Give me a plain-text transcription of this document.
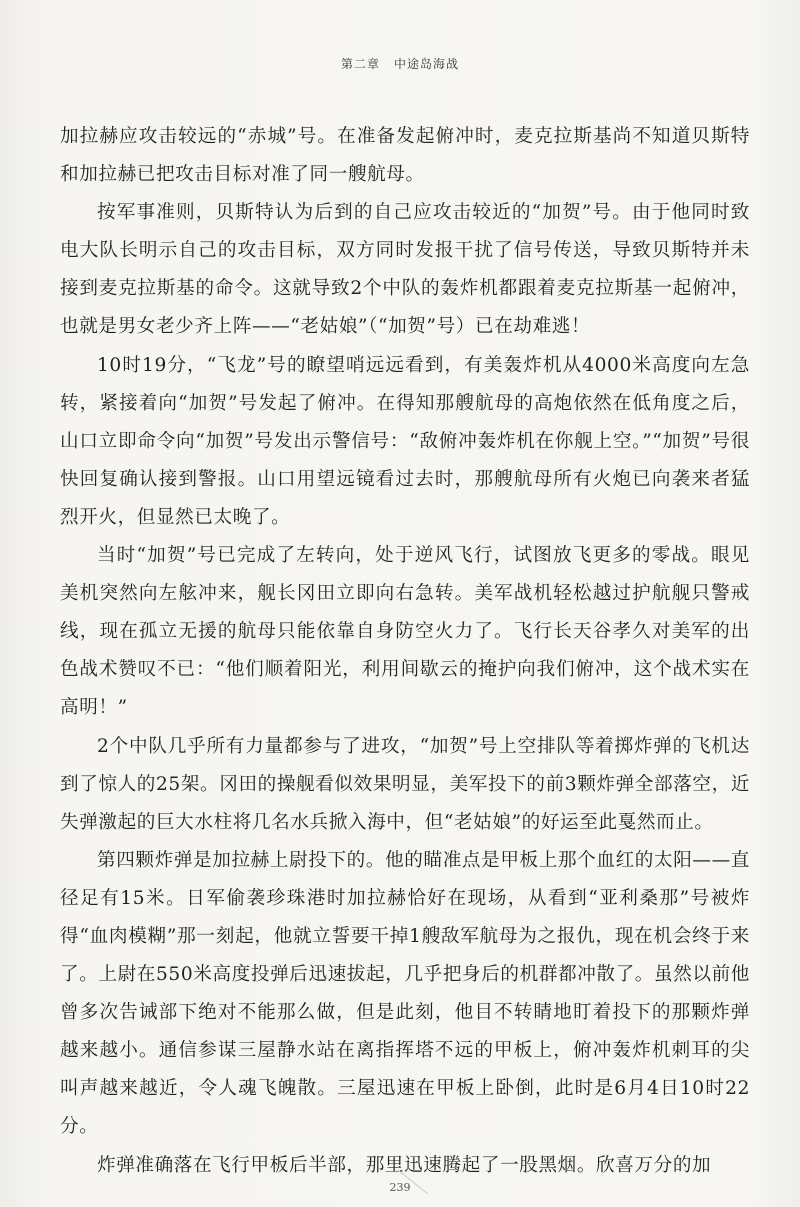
第二章 中途岛海战

加拉赫应攻击较远的“赤城”号。在准备发起俯冲时，麦克拉斯基尚不知道贝斯特和加拉赫已把攻击目标对准了同一艘航母。

按军事准则，贝斯特认为后到的自己应攻击较近的“加贺”号。由于他同时致电大队长明示自己的攻击目标，双方同时发报干扰了信号传送，导致贝斯特并未接到麦克拉斯基的命令。这就导致2个中队的轰炸机都跟着麦克拉斯基一起俯冲，也就是男女老少齐上阵——“老姑娘”（“加贺”号）已在劫难逃！

10时19分，“飞龙”号的瞭望哨远远看到，有美轰炸机从4000米高度向左急转，紧接着向“加贺”号发起了俯冲。在得知那艘航母的高炮依然在低角度之后，山口立即命令向“加贺”号发出示警信号：“敌俯冲轰炸机在你舰上空。”“加贺”号很快回复确认接到警报。山口用望远镜看过去时，那艘航母所有火炮已向袭来者猛烈开火，但显然已太晚了。

当时“加贺”号已完成了左转向，处于逆风飞行，试图放飞更多的零战。眼见美机突然向左舷冲来，舰长冈田立即向右急转。美军战机轻松越过护航舰只警戒线，现在孤立无援的航母只能依靠自身防空火力了。飞行长天谷孝久对美军的出色战术赞叹不已：“他们顺着阳光，利用间歇云的掩护向我们俯冲，这个战术实在高明！”

2个中队几乎所有力量都参与了进攻，“加贺”号上空排队等着掷炸弹的飞机达到了惊人的25架。冈田的操舰看似效果明显，美军投下的前3颗炸弹全部落空，近失弹激起的巨大水柱将几名水兵掀入海中，但“老姑娘”的好运至此戛然而止。

第四颗炸弹是加拉赫上尉投下的。他的瞄准点是甲板上那个血红的太阳——直径足有15米。日军偷袭珍珠港时加拉赫恰好在现场，从看到“亚利桑那”号被炸得“血肉模糊”那一刻起，他就立誓要干掉1艘敌军航母为之报仇，现在机会终于来了。上尉在550米高度投弹后迅速拔起，几乎把身后的机群都冲散了。虽然以前他曾多次告诫部下绝对不能那么做，但是此刻，他目不转睛地盯着投下的那颗炸弹越来越小。通信参谋三屋静水站在离指挥塔不远的甲板上，俯冲轰炸机刺耳的尖叫声越来越近，令人魂飞魄散。三屋迅速在甲板上卧倒，此时是6月4日10时22分。

炸弹准确落在飞行甲板后半部，那里迅速腾起了一股黑烟。欣喜万分的加

239
